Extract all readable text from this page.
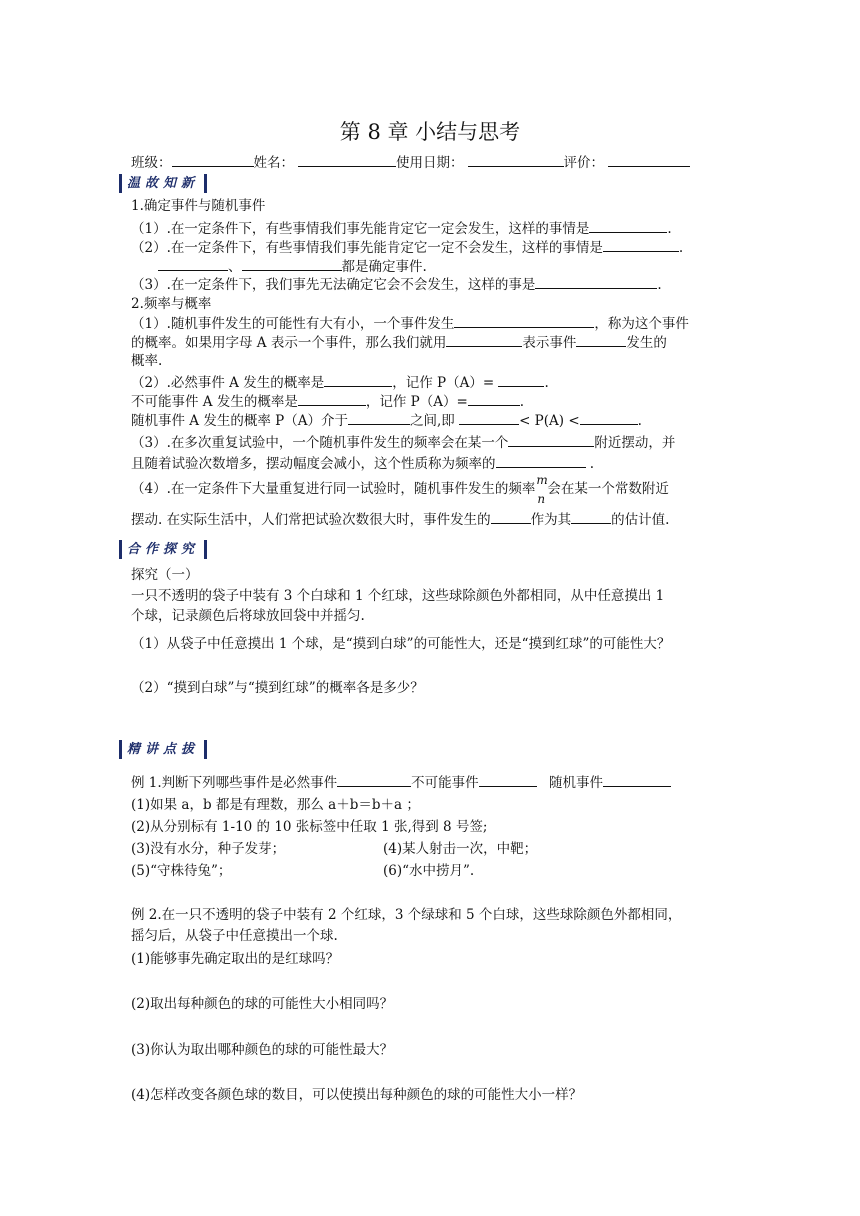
第 8 章 小结与思考
班级：	姓名：	使用日期：	评价：
温故知新
1.确定事件与随机事件
（1）.在一定条件下，有些事情我们事先能肯定它一定会发生，这样的事情是	.
（2）.在一定条件下，有些事情我们事先能肯定它一定不会发生，这样的事情是	.
、	都是确定事件.
（3）.在一定条件下，我们事先无法确定它会不会发生，这样的事是	.
2.频率与概率
（1）.随机事件发生的可能性有大有小，一个事件发生	，称为这个事件
的概率。如果用字母 A 表示一个事件，那么我们就用	表示事件	发生的
概率.
（2）.必然事件 A 发生的概率是	，记作 P（A）=	.
不可能事件 A 发生的概率是	，记作 P（A）=	.
随机事件 A 发生的概率 P（A）介于	之间,即	< P(A) <	.
（3）.在多次重复试验中，一个随机事件发生的频率会在某一个	附近摆动，并
且随着试验次数增多，摆动幅度会减小，这个性质称为频率的	.
（4）.在一定条件下大量重复进行同一试验时，随机事件发生的频率
m
n
会在某一个常数附近
摆动. 在实际生活中，人们常把试验次数很大时，事件发生的	作为其	的估计值.
合作探究
探究（一）
一只不透明的袋子中装有 3 个白球和 1 个红球，这些球除颜色外都相同，从中任意摸出 1
个球，记录颜色后将球放回袋中并摇匀.
（1）从袋子中任意摸出 1 个球，是“摸到白球”的可能性大，还是“摸到红球”的可能性大？
（2）“摸到白球”与“摸到红球”的概率各是多少？
精讲点拔
例 1.判断下列哪些事件是必然事件	不可能事件	随机事件
(1)如果 a，b 都是有理数，那么 a＋b＝b＋a ；
(2)从分别标有 1-10 的 10 张标签中任取 1 张,得到 8 号签;
(3)没有水分，种子发芽；	(4)某人射击一次，中靶；
(5)“守株待兔”；	(6)“水中捞月”.
例 2.在一只不透明的袋子中装有 2 个红球，3 个绿球和 5 个白球，这些球除颜色外都相同，
摇匀后，从袋子中任意摸出一个球.
(1)能够事先确定取出的是红球吗？
(2)取出每种颜色的球的可能性大小相同吗？
(3)你认为取出哪种颜色的球的可能性最大？
(4)怎样改变各颜色球的数目，可以使摸出每种颜色的球的可能性大小一样？
